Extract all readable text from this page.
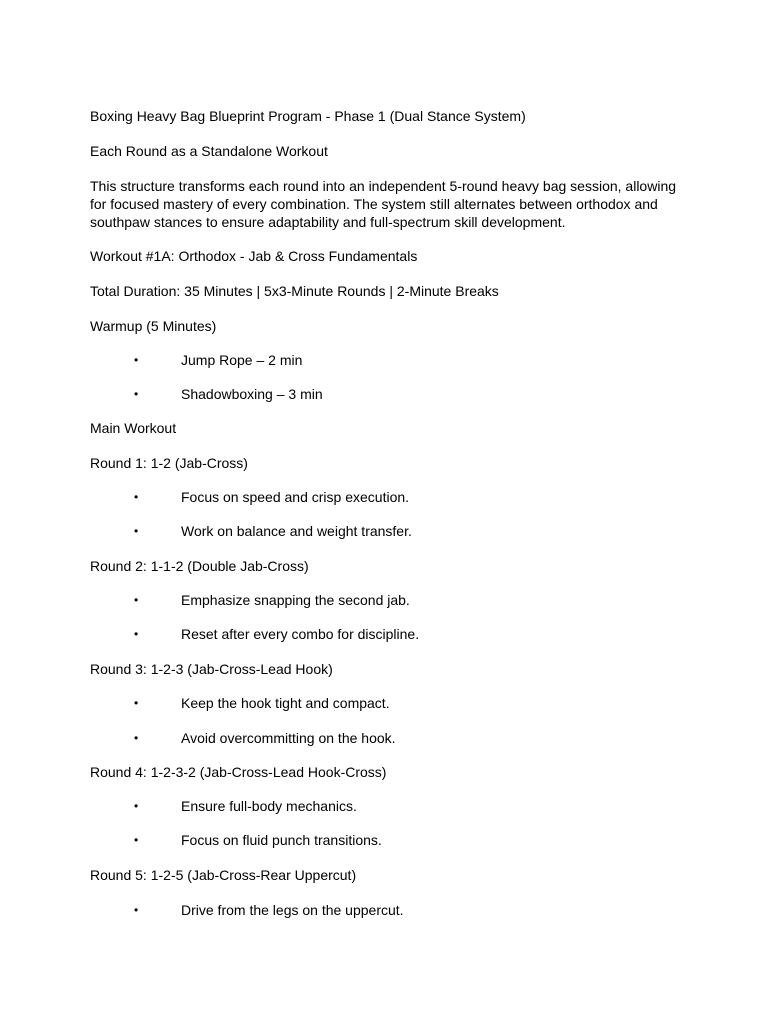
Boxing Heavy Bag Blueprint Program - Phase 1 (Dual Stance System)

Each Round as a Standalone Workout

This structure transforms each round into an independent 5-round heavy bag session, allowing for focused mastery of every combination. The system still alternates between orthodox and southpaw stances to ensure adaptability and full-spectrum skill development.

Workout #1A: Orthodox - Jab & Cross Fundamentals

Total Duration: 35 Minutes | 5x3-Minute Rounds | 2-Minute Breaks

Warmup (5 Minutes)

•	Jump Rope – 2 min
•	Shadowboxing – 3 min

Main Workout

Round 1: 1-2 (Jab-Cross)

•	Focus on speed and crisp execution.
•	Work on balance and weight transfer.

Round 2: 1-1-2 (Double Jab-Cross)

•	Emphasize snapping the second jab.
•	Reset after every combo for discipline.

Round 3: 1-2-3 (Jab-Cross-Lead Hook)

•	Keep the hook tight and compact.
•	Avoid overcommitting on the hook.

Round 4: 1-2-3-2 (Jab-Cross-Lead Hook-Cross)

•	Ensure full-body mechanics.
•	Focus on fluid punch transitions.

Round 5: 1-2-5 (Jab-Cross-Rear Uppercut)

•	Drive from the legs on the uppercut.
